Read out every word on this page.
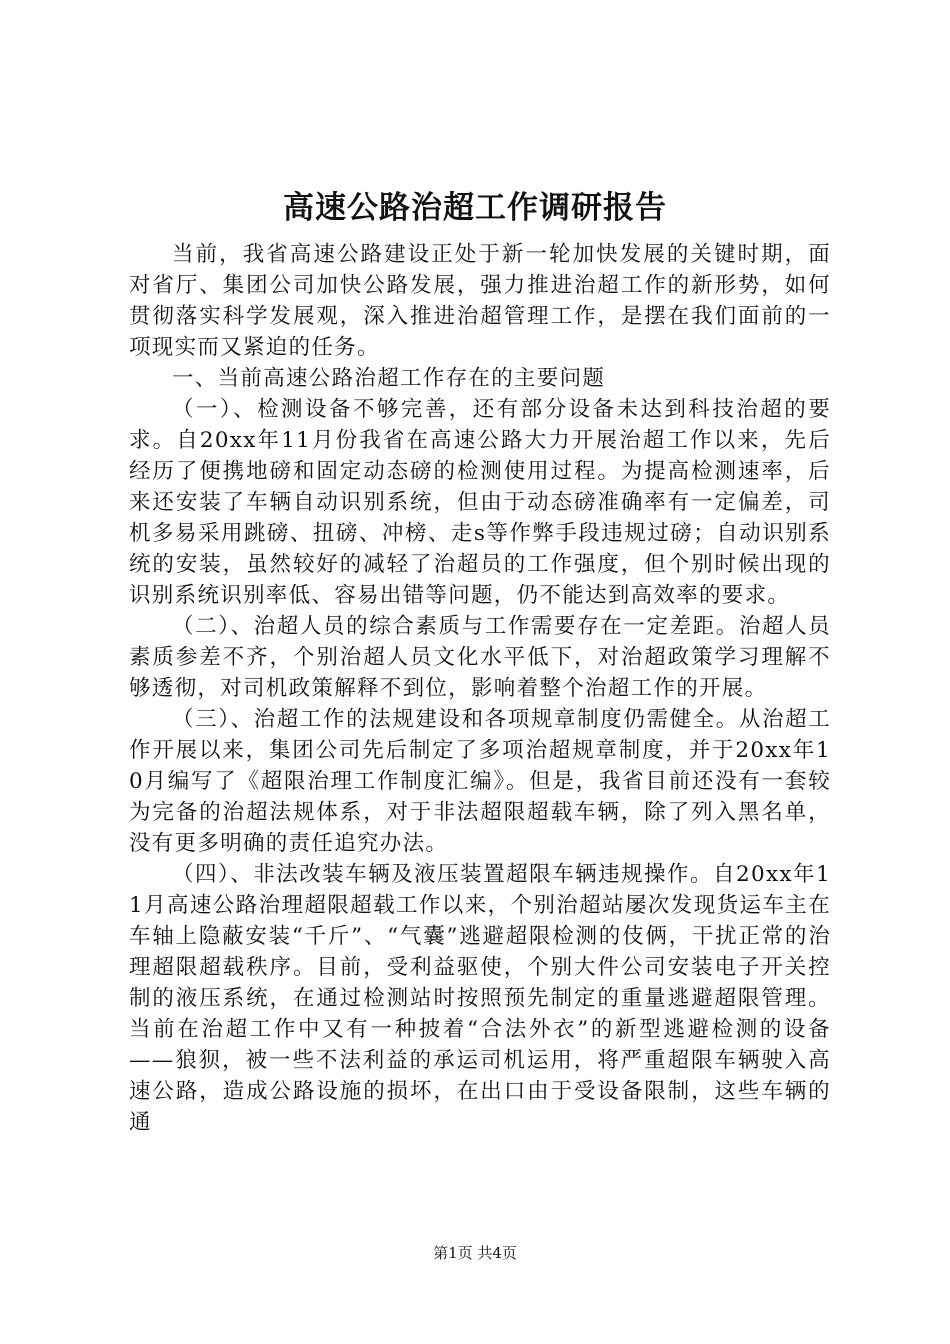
高速公路治超工作调研报告

当前，我省高速公路建设正处于新一轮加快发展的关键时期，面对省厅、集团公司加快公路发展，强力推进治超工作的新形势，如何贯彻落实科学发展观，深入推进治超管理工作，是摆在我们面前的一项现实而又紧迫的任务。

一、当前高速公路治超工作存在的主要问题

（一）、检测设备不够完善，还有部分设备未达到科技治超的要求。自20xx年11月份我省在高速公路大力开展治超工作以来，先后经历了便携地磅和固定动态磅的检测使用过程。为提高检测速率，后来还安装了车辆自动识别系统，但由于动态磅准确率有一定偏差，司机多易采用跳磅、扭磅、冲榜、走s等作弊手段违规过磅；自动识别系统的安装，虽然较好的减轻了治超员的工作强度，但个别时候出现的识别系统识别率低、容易出错等问题，仍不能达到高效率的要求。

（二）、治超人员的综合素质与工作需要存在一定差距。治超人员素质参差不齐，个别治超人员文化水平低下，对治超政策学习理解不够透彻，对司机政策解释不到位，影响着整个治超工作的开展。

（三）、治超工作的法规建设和各项规章制度仍需健全。从治超工作开展以来，集团公司先后制定了多项治超规章制度，并于20xx年10月编写了《超限治理工作制度汇编》。但是，我省目前还没有一套较为完备的治超法规体系，对于非法超限超载车辆，除了列入黑名单，没有更多明确的责任追究办法。

（四）、非法改装车辆及液压装置超限车辆违规操作。自20xx年11月高速公路治理超限超载工作以来，个别治超站屡次发现货运车主在车轴上隐蔽安装“千斤”、“气囊”逃避超限检测的伎俩，干扰正常的治理超限超载秩序。目前，受利益驱使，个别大件公司安装电子开关控制的液压系统，在通过检测站时按照预先制定的重量逃避超限管理。当前在治超工作中又有一种披着“合法外衣”的新型逃避检测的设备——狼狈，被一些不法利益的承运司机运用，将严重超限车辆驶入高速公路，造成公路设施的损坏，在出口由于受设备限制，这些车辆的通

第1页 共4页
